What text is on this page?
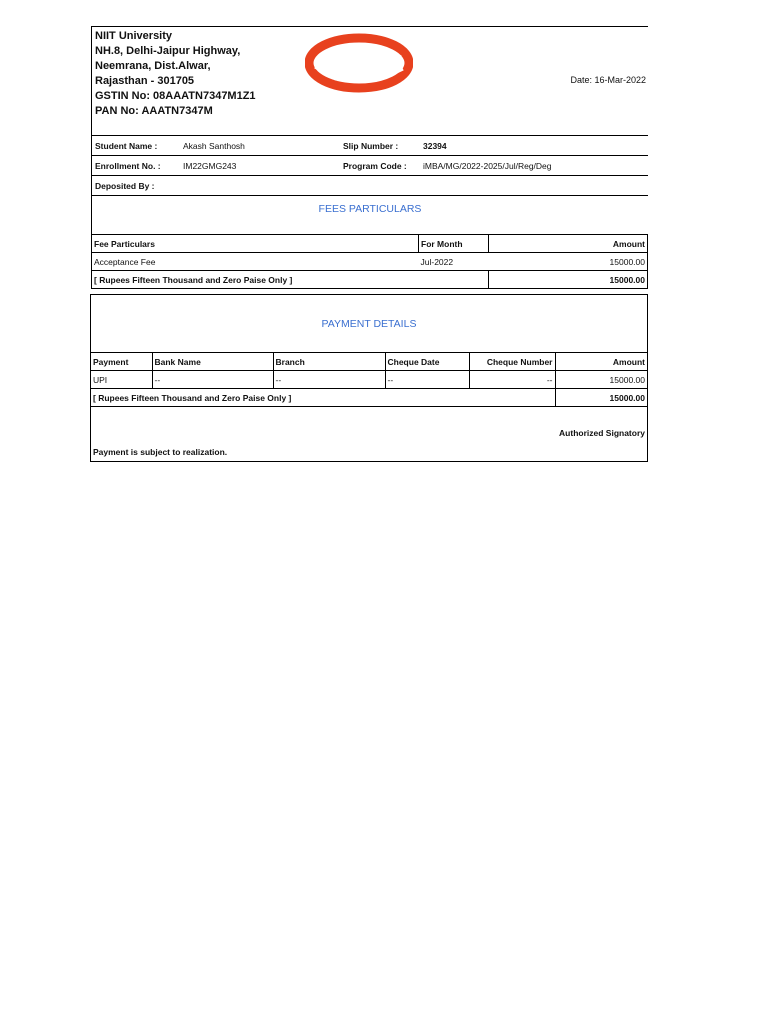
NIIT University
NH.8, Delhi-Jaipur Highway,
Neemrana, Dist.Alwar,
Rajasthan - 301705
GSTIN No: 08AAATN7347M1Z1
PAN No: AAATN7347M
अनादि अनन्त	Date: 16-Mar-2022
Student Name :	Akash Santhosh	Slip Number :	32394
Enrollment No. :	IM22GMG243	Program Code : iMBA/MG/2022-2025/Jul/Reg/Deg
Deposited By :
FEES PARTICULARS
Fee Particulars	For Month	Amount
Acceptance Fee	Jul-2022	15000.00
[ Rupees Fifteen Thousand and Zero Paise Only ]		15000.00
PAYMENT DETAILS
Payment	Bank Name	Branch	Cheque Date	Cheque Number	Amount
UPI	--	--	--	--	15000.00
[ Rupees Fifteen Thousand and Zero Paise Only ]					15000.00
Authorized Signatory
Payment is subject to realization.
